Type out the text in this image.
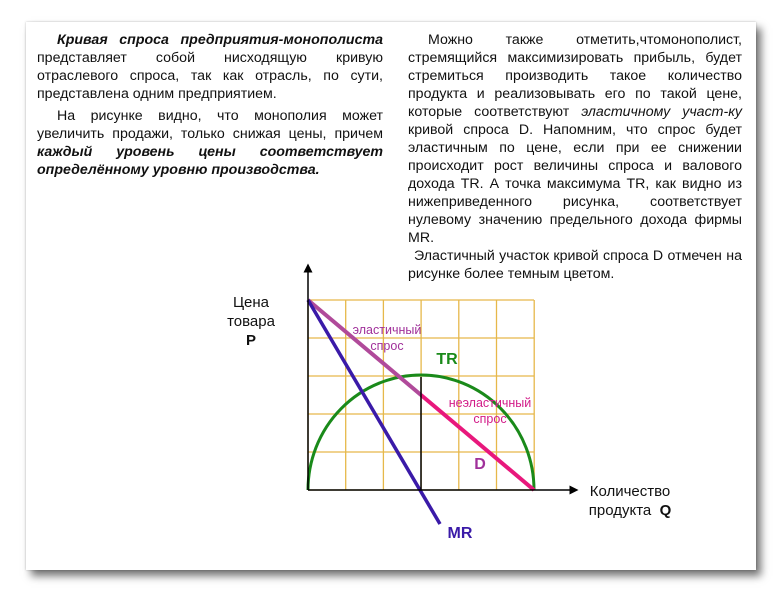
Кривая спроса предприятия-монополиста представляет собой нисходящую кривую отраслевого спроса, так как отрасль, по сути, представлена одним предприятием.

На рисунке видно, что монополия может увеличить продажи, только снижая цены, причем каждый уровень цены соответствует определённому уровню производства.

Можно также отметить,чтомонополист, стремящийся максимизировать прибыль, будет стремиться производить такое количество продукта и реализовывать его по такой цене, которые соответствуют эластичному участ-ку кривой спроса D. Напомним, что спрос будет эластичным по цене, если при ее снижении происходит рост величины спроса и валового дохода TR. А точка максимума TR, как видно из нижеприведенного рисунка, соответствует нулевому значению предельного дохода фирмы MR.

Эластичный участок кривой спроса D отмечен на рисунке более темным цветом.

Цена
товара
P
Количество
продукта Q
эластичный
спрос
неэластичный
спрос
TR
D
MR
